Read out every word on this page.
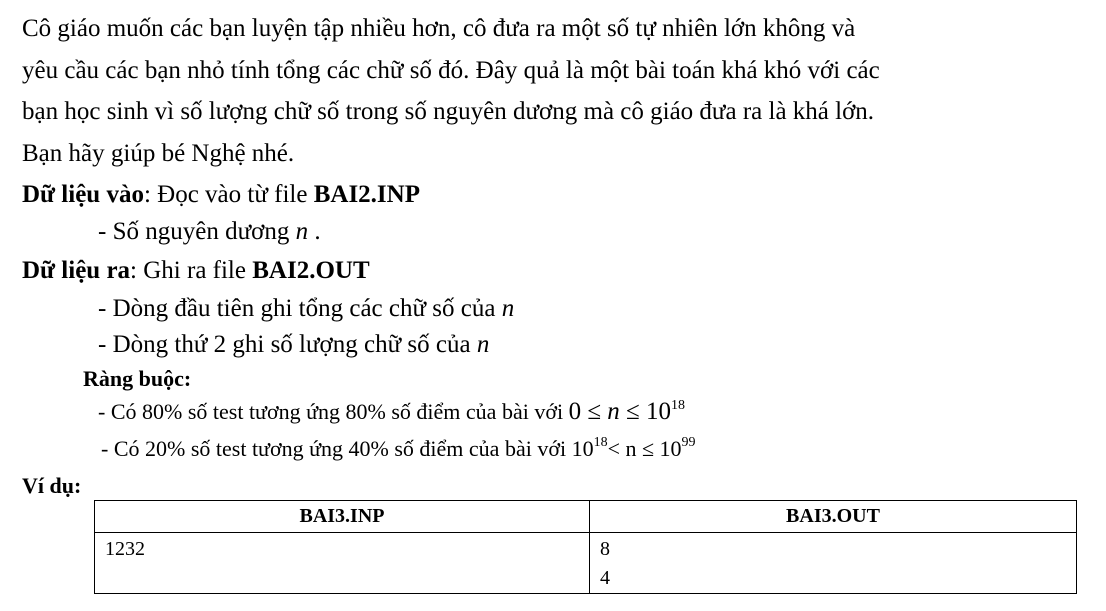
Cô giáo muốn các bạn luyện tập nhiều hơn, cô đưa ra một số tự nhiên lớn không và
yêu cầu các bạn nhỏ tính tổng các chữ số đó. Đây quả là một bài toán khá khó với các
bạn học sinh vì số lượng chữ số trong số nguyên dương mà cô giáo đưa ra là khá lớn.
Bạn hãy giúp bé Nghệ nhé.
Dữ liệu vào: Đọc vào từ file BAI2.INP
- Số nguyên dương n .
Dữ liệu ra: Ghi ra file BAI2.OUT
- Dòng đầu tiên ghi tổng các chữ số của n
- Dòng thứ 2 ghi số lượng chữ số của n
Ràng buộc:
- Có 80% số test tương ứng 80% số điểm của bài với $0 \le n \le 10^{18}$
- Có 20% số test tương ứng 40% số điểm của bài với $10^{18}< n \le 10^{99}$
Ví dụ:
BAI3.INP	BAI3.OUT

1232	8
4
